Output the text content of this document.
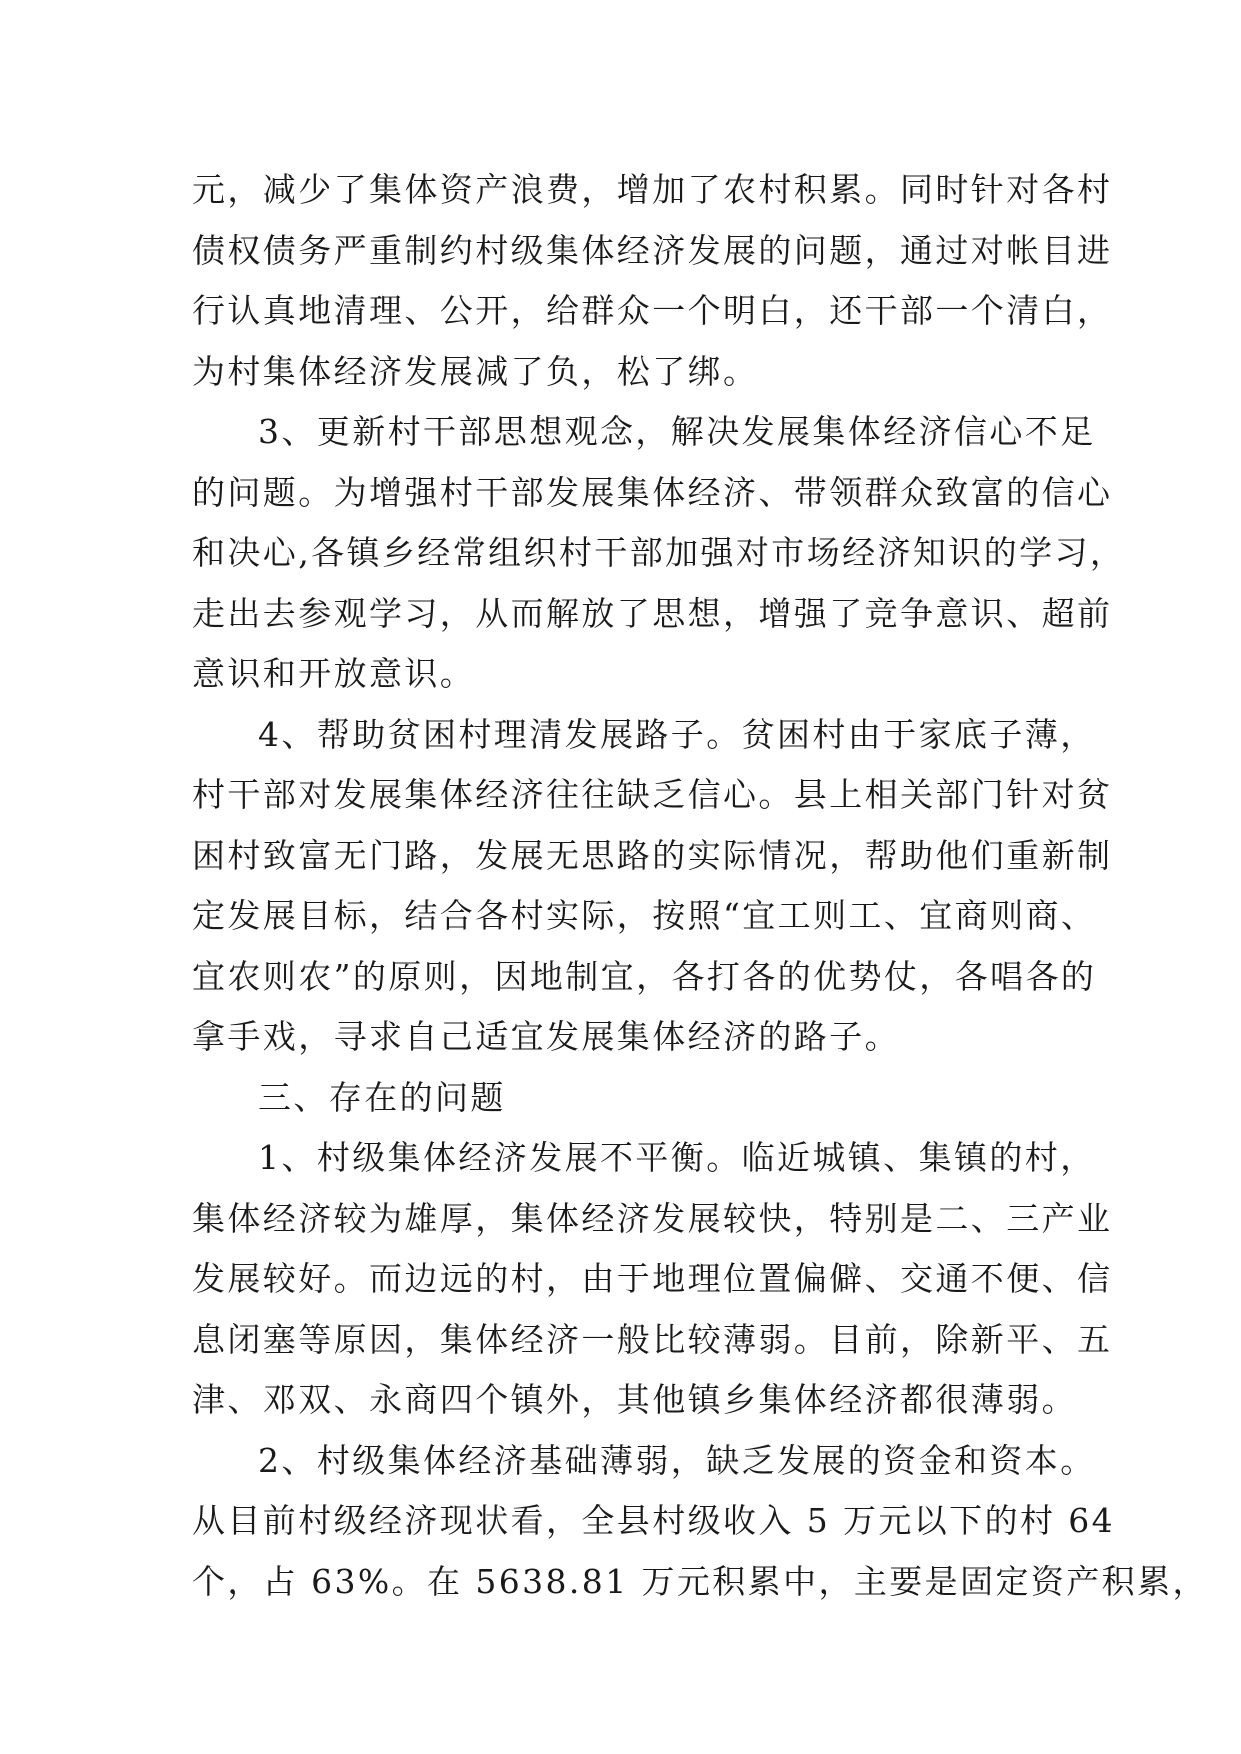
元，减少了集体资产浪费，增加了农村积累。同时针对各村
债权债务严重制约村级集体经济发展的问题，通过对帐目进
行认真地清理、公开，给群众一个明白，还干部一个清白，
为村集体经济发展减了负，松了绑。
3、更新村干部思想观念，解决发展集体经济信心不足
的问题。为增强村干部发展集体经济、带领群众致富的信心
和决心,各镇乡经常组织村干部加强对市场经济知识的学习，
走出去参观学习，从而解放了思想，增强了竞争意识、超前
意识和开放意识。
4、帮助贫困村理清发展路子。贫困村由于家底子薄，
村干部对发展集体经济往往缺乏信心。县上相关部门针对贫
困村致富无门路，发展无思路的实际情况，帮助他们重新制
定发展目标，结合各村实际，按照“宜工则工、宜商则商、
宜农则农”的原则，因地制宜，各打各的优势仗，各唱各的
拿手戏，寻求自己适宜发展集体经济的路子。
三、存在的问题
1、村级集体经济发展不平衡。临近城镇、集镇的村，
集体经济较为雄厚，集体经济发展较快，特别是二、三产业
发展较好。而边远的村，由于地理位置偏僻、交通不便、信
息闭塞等原因，集体经济一般比较薄弱。目前，除新平、五
津、邓双、永商四个镇外，其他镇乡集体经济都很薄弱。
2、村级集体经济基础薄弱，缺乏发展的资金和资本。
从目前村级经济现状看，全县村级收入 5 万元以下的村 64
个，占 63%。在 5638.81 万元积累中，主要是固定资产积累，
